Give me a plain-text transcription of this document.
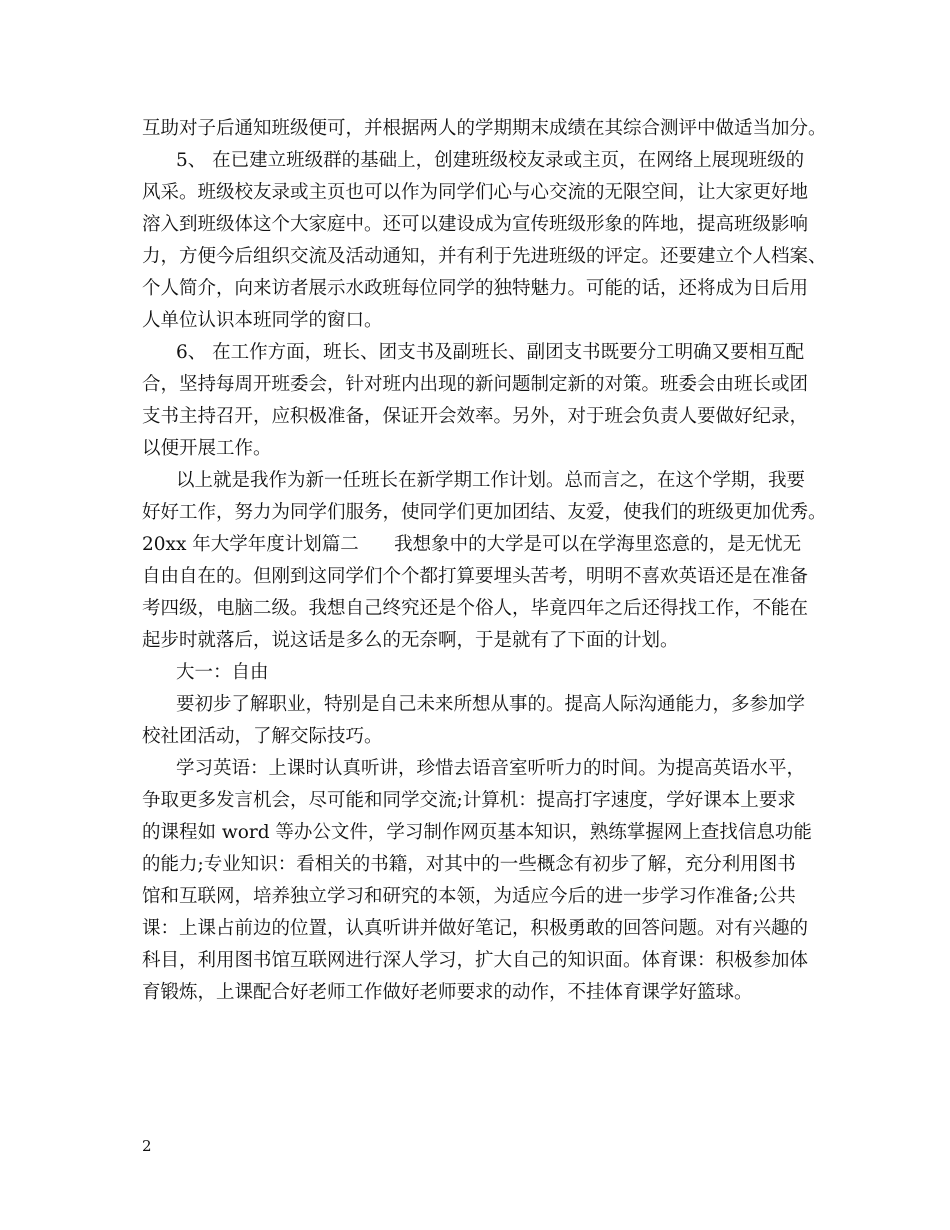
互助对子后通知班级便可，并根据两人的学期期末成绩在其综合测评中做适当加分。
5、 在已建立班级群的基础上，创建班级校友录或主页，在网络上展现班级的
风采。班级校友录或主页也可以作为同学们心与心交流的无限空间，让大家更好地
溶入到班级体这个大家庭中。还可以建设成为宣传班级形象的阵地，提高班级影响
力，方便今后组织交流及活动通知，并有利于先进班级的评定。还要建立个人档案、
个人简介，向来访者展示水政班每位同学的独特魅力。可能的话，还将成为日后用
人单位认识本班同学的窗口。
6、 在工作方面，班长、团支书及副班长、副团支书既要分工明确又要相互配
合，坚持每周开班委会，针对班内出现的新问题制定新的对策。班委会由班长或团
支书主持召开，应积极准备，保证开会效率。另外，对于班会负责人要做好纪录，
以便开展工作。
以上就是我作为新一任班长在新学期工作计划。总而言之，在这个学期，我要
好好工作，努力为同学们服务，使同学们更加团结、友爱，使我们的班级更加优秀。
20xx 年大学年度计划篇二      我想象中的大学是可以在学海里恣意的，是无忧无
自由自在的。但刚到这同学们个个都打算要埋头苦考，明明不喜欢英语还是在准备
考四级，电脑二级。我想自己终究还是个俗人，毕竟四年之后还得找工作，不能在
起步时就落后，说这话是多么的无奈啊，于是就有了下面的计划。
大一：自由
要初步了解职业，特别是自己未来所想从事的。提高人际沟通能力，多参加学
校社团活动，了解交际技巧。
学习英语：上课时认真听讲，珍惜去语音室听听力的时间。为提高英语水平，
争取更多发言机会，尽可能和同学交流;计算机：提高打字速度，学好课本上要求
的课程如 word 等办公文件，学习制作网页基本知识，熟练掌握网上查找信息功能
的能力;专业知识：看相关的书籍，对其中的一些概念有初步了解，充分利用图书
馆和互联网，培养独立学习和研究的本领，为适应今后的进一步学习作准备;公共
课：上课占前边的位置，认真听讲并做好笔记，积极勇敢的回答问题。对有兴趣的
科目，利用图书馆互联网进行深人学习，扩大自己的知识面。体育课：积极参加体
育锻炼，上课配合好老师工作做好老师要求的动作，不挂体育课学好篮球。
2
